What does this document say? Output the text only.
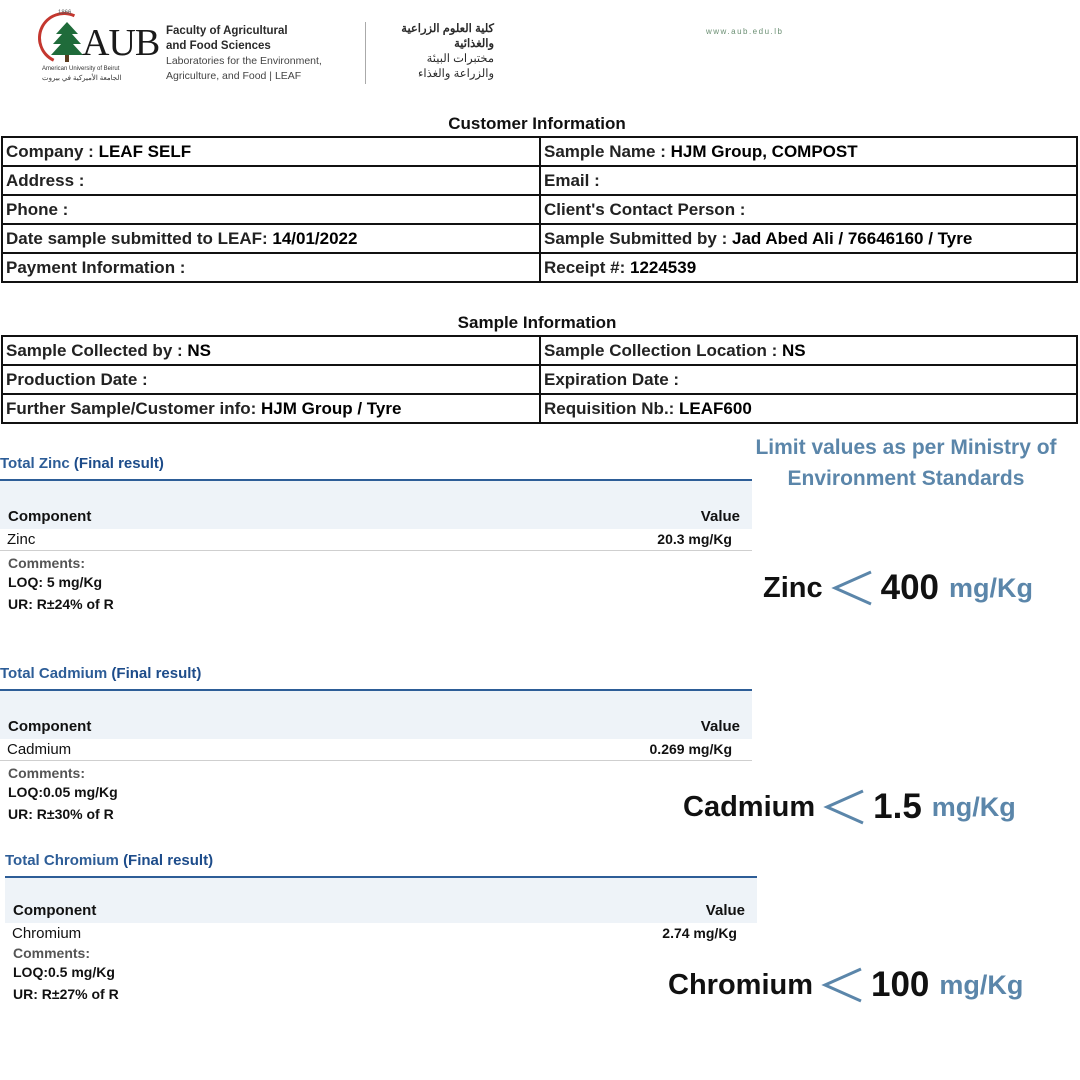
1866
AUB
American University of Beirut
الجامعة الأميركية في بيروت
Faculty of Agricultural
and Food Sciences
Laboratories for the Environment,
Agriculture, and Food | LEAF
كلية العلوم الزراعية
والغذائية
مختبرات البيئة
والزراعة والغذاء
www.aub.edu.lb
Customer Information
Company : LEAF SELF	Sample Name : HJM Group, COMPOST
Address :	Email :
Phone :	Client's Contact Person :
Date sample submitted to LEAF: 14/01/2022	Sample Submitted by : Jad Abed Ali / 76646160 / Tyre
Payment Information :	Receipt #: 1224539
Sample Information
Sample Collected by : NS	Sample Collection Location : NS
Production Date :	Expiration Date :
Further Sample/Customer info: HJM Group / Tyre	Requisition Nb.: LEAF600
Limit values as per Ministry of
Environment Standards
Total Zinc (Final result)
Component	Value
Zinc	20.3 mg/Kg
Comments:
LOQ: 5 mg/Kg
UR: R±24% of R
Zinc 400 mg/Kg
Total Cadmium (Final result)
Component	Value
Cadmium	0.269 mg/Kg
Comments:
LOQ:0.05 mg/Kg
UR: R±30% of R	Cadmium 1.5 mg/Kg
Total Chromium (Final result)
Component	Value
Chromium	2.74 mg/Kg
Comments:
LOQ:0.5 mg/Kg
UR: R±27% of R	Chromium 100 mg/Kg
